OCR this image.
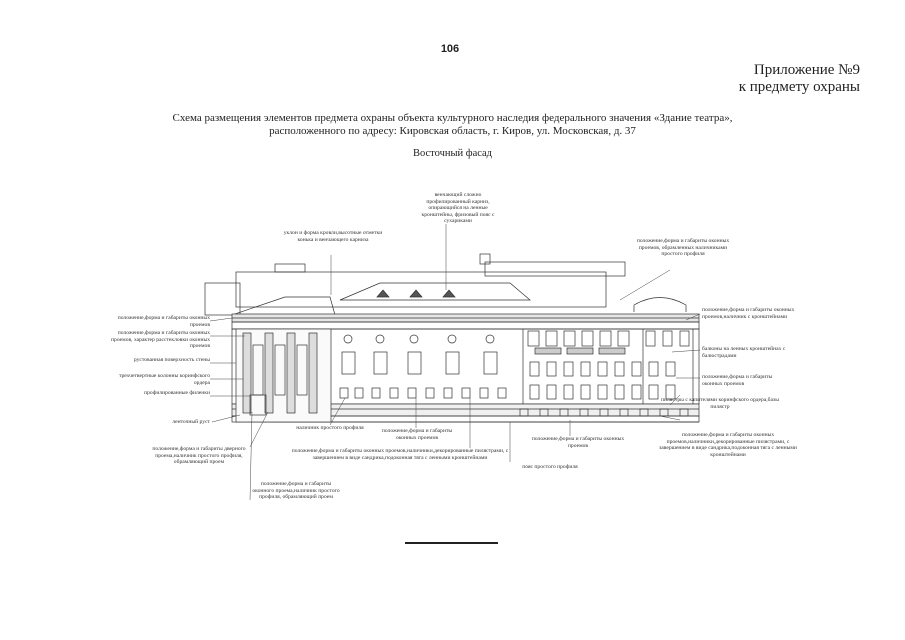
106
Приложение №9
к предмету охраны
Схема размещения элементов предмета охраны объекта культурного наследия федерального значения «Здание театра»,
расположенного по адресу: Кировская область, г. Киров, ул. Московская, д. 37
Восточный фасад
венчающий сложно профилированный карниз, опирающийся на ленные кронштейны, фризовый пояс с сухариками
уклон и форма кровли,высотные отметки конька и венчающего карниза	положение,форма и габариты оконных проемов, обрамленных наличниками простого профиля
положение,форма и габариты оконных проемов
положение,форма и габариты оконных проемов, характер расстекловки оконных проемов
рустованная поверхность стены
трехчетвертные колонны коринфского ордера
профилированные филенки
ленточный руст
положение,форма и габариты дверного проема,наличник простого профиля, обрамляющий проем
положение,форма и габариты оконного проема,наличник простого профиля, обрамляющий проем
наличник простого профиля	положение,форма и габариты оконных проемов
положение,форма и габариты оконных проемов,наличники,декорированные пилястрами, с завершением в виде сандрика,подоконная тяга с ленными кронштейнами
пояс простого профиля
положение,форма и габариты оконных проемов
пилястры с капителями коринфского ордера,базы пилястр
положение,форма и габариты оконных проемов,наличники,декорированные пилястрами, с завершением в виде сандрика,подоконная тяга с ленными кронштейнами
балконы на ленных кронштейнах с балюстрадами
положение,форма и габариты оконных проемов
положение,форма и габариты оконных проемов,наличник с кронштейнами
